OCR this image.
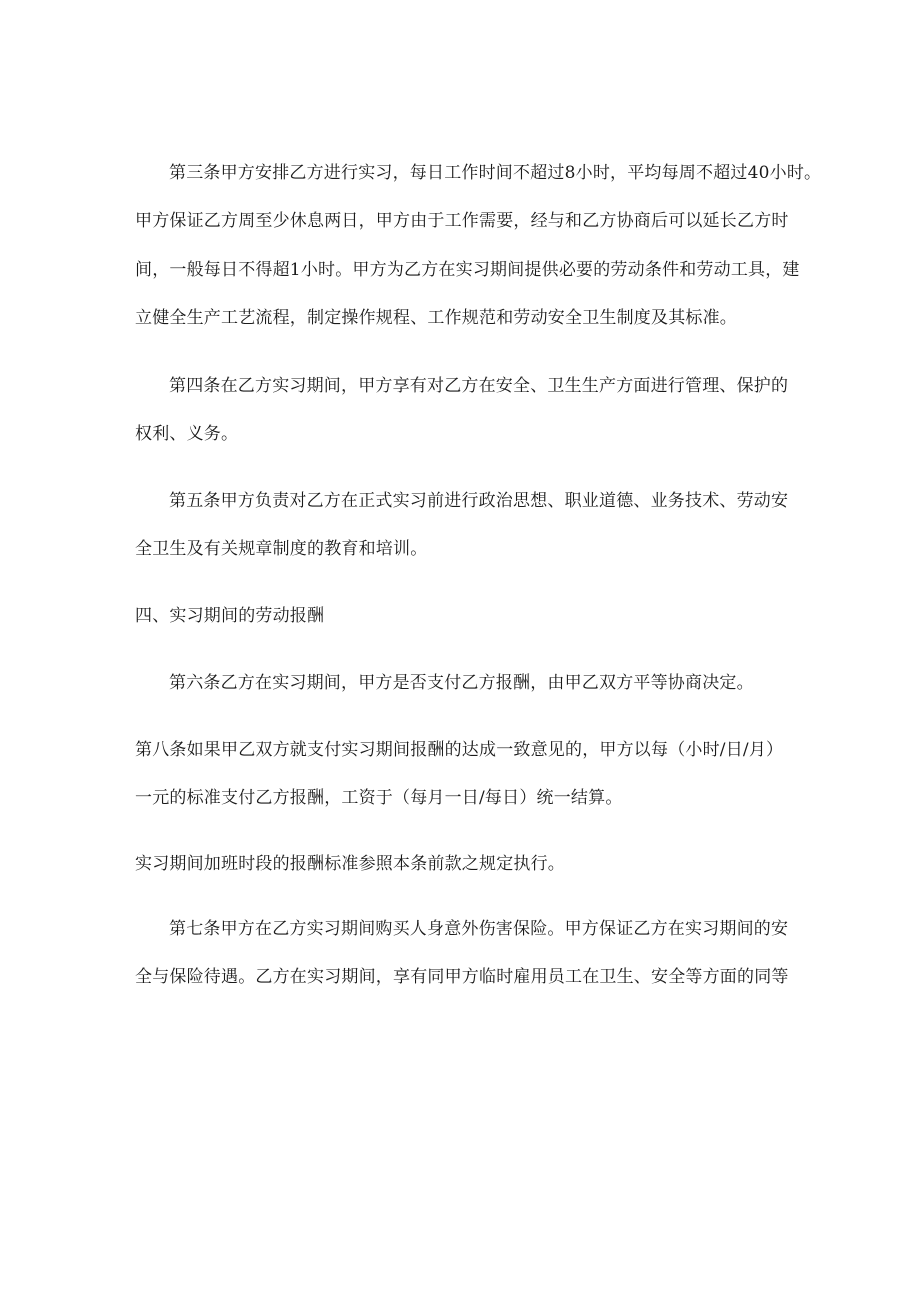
第三条甲方安排乙方进行实习，每日工作时间不超过8小时，平均每周不超过40小时。
甲方保证乙方周至少休息两日，甲方由于工作需要，经与和乙方协商后可以延长乙方时
间，一般每日不得超1小时。甲方为乙方在实习期间提供必要的劳动条件和劳动工具，建
立健全生产工艺流程，制定操作规程、工作规范和劳动安全卫生制度及其标准。
第四条在乙方实习期间，甲方享有对乙方在安全、卫生生产方面进行管理、保护的
权利、义务。
第五条甲方负责对乙方在正式实习前进行政治思想、职业道德、业务技术、劳动安
全卫生及有关规章制度的教育和培训。
四、实习期间的劳动报酬
第六条乙方在实习期间，甲方是否支付乙方报酬，由甲乙双方平等协商决定。
第八条如果甲乙双方就支付实习期间报酬的达成一致意见的，甲方以每（小时/日/月）
一元的标准支付乙方报酬，工资于（每月一日/每日）统一结算。
实习期间加班时段的报酬标准参照本条前款之规定执行。
第七条甲方在乙方实习期间购买人身意外伤害保险。甲方保证乙方在实习期间的安
全与保险待遇。乙方在实习期间，享有同甲方临时雇用员工在卫生、安全等方面的同等
